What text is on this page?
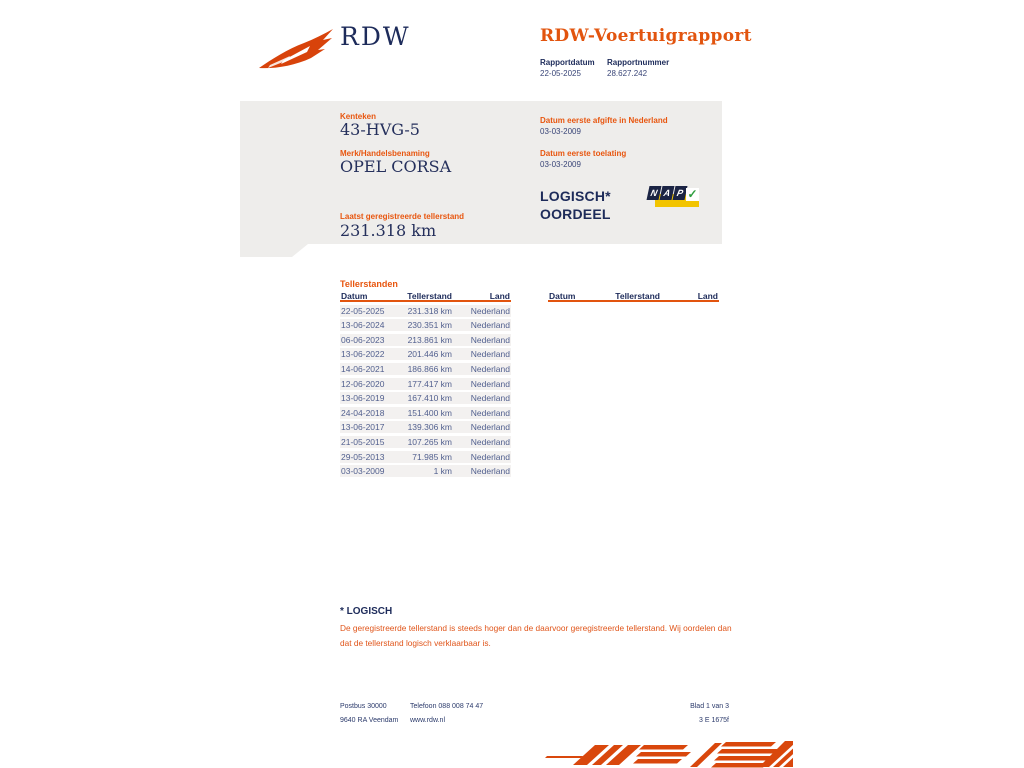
RDW	RDW-Voertuigrapport
Rapportdatum
22-05-2025
Rapportnummer
28.627.242
Kenteken
43-HVG-5
Merk/Handelsbenaming
OPEL CORSA
Laatst geregistreerde tellerstand
231.318 km
Datum eerste afgifte in Nederland
03-03-2009
Datum eerste toelating
03-03-2009
LOGISCH*
OORDEEL
N A P ✓
Tellerstanden
Datum	Tellerstand	Land
22-05-2025	231.318 km	Nederland
13-06-2024	230.351 km	Nederland
06-06-2023	213.861 km	Nederland
13-06-2022	201.446 km	Nederland
14-06-2021	186.866 km	Nederland
12-06-2020	177.417 km	Nederland
13-06-2019	167.410 km	Nederland
24-04-2018	151.400 km	Nederland
13-06-2017	139.306 km	Nederland
21-05-2015	107.265 km	Nederland
29-05-2013	71.985 km	Nederland
03-03-2009	1 km	Nederland
Datum	Tellerstand	Land
* LOGISCH
De geregistreerde tellerstand is steeds hoger dan de daarvoor geregistreerde tellerstand. Wij oordelen dan dat de tellerstand logisch verklaarbaar is.
Postbus 30000
9640 RA Veendam
Telefoon 088 008 74 47
www.rdw.nl
Blad 1 van 3
3 E 1675f
